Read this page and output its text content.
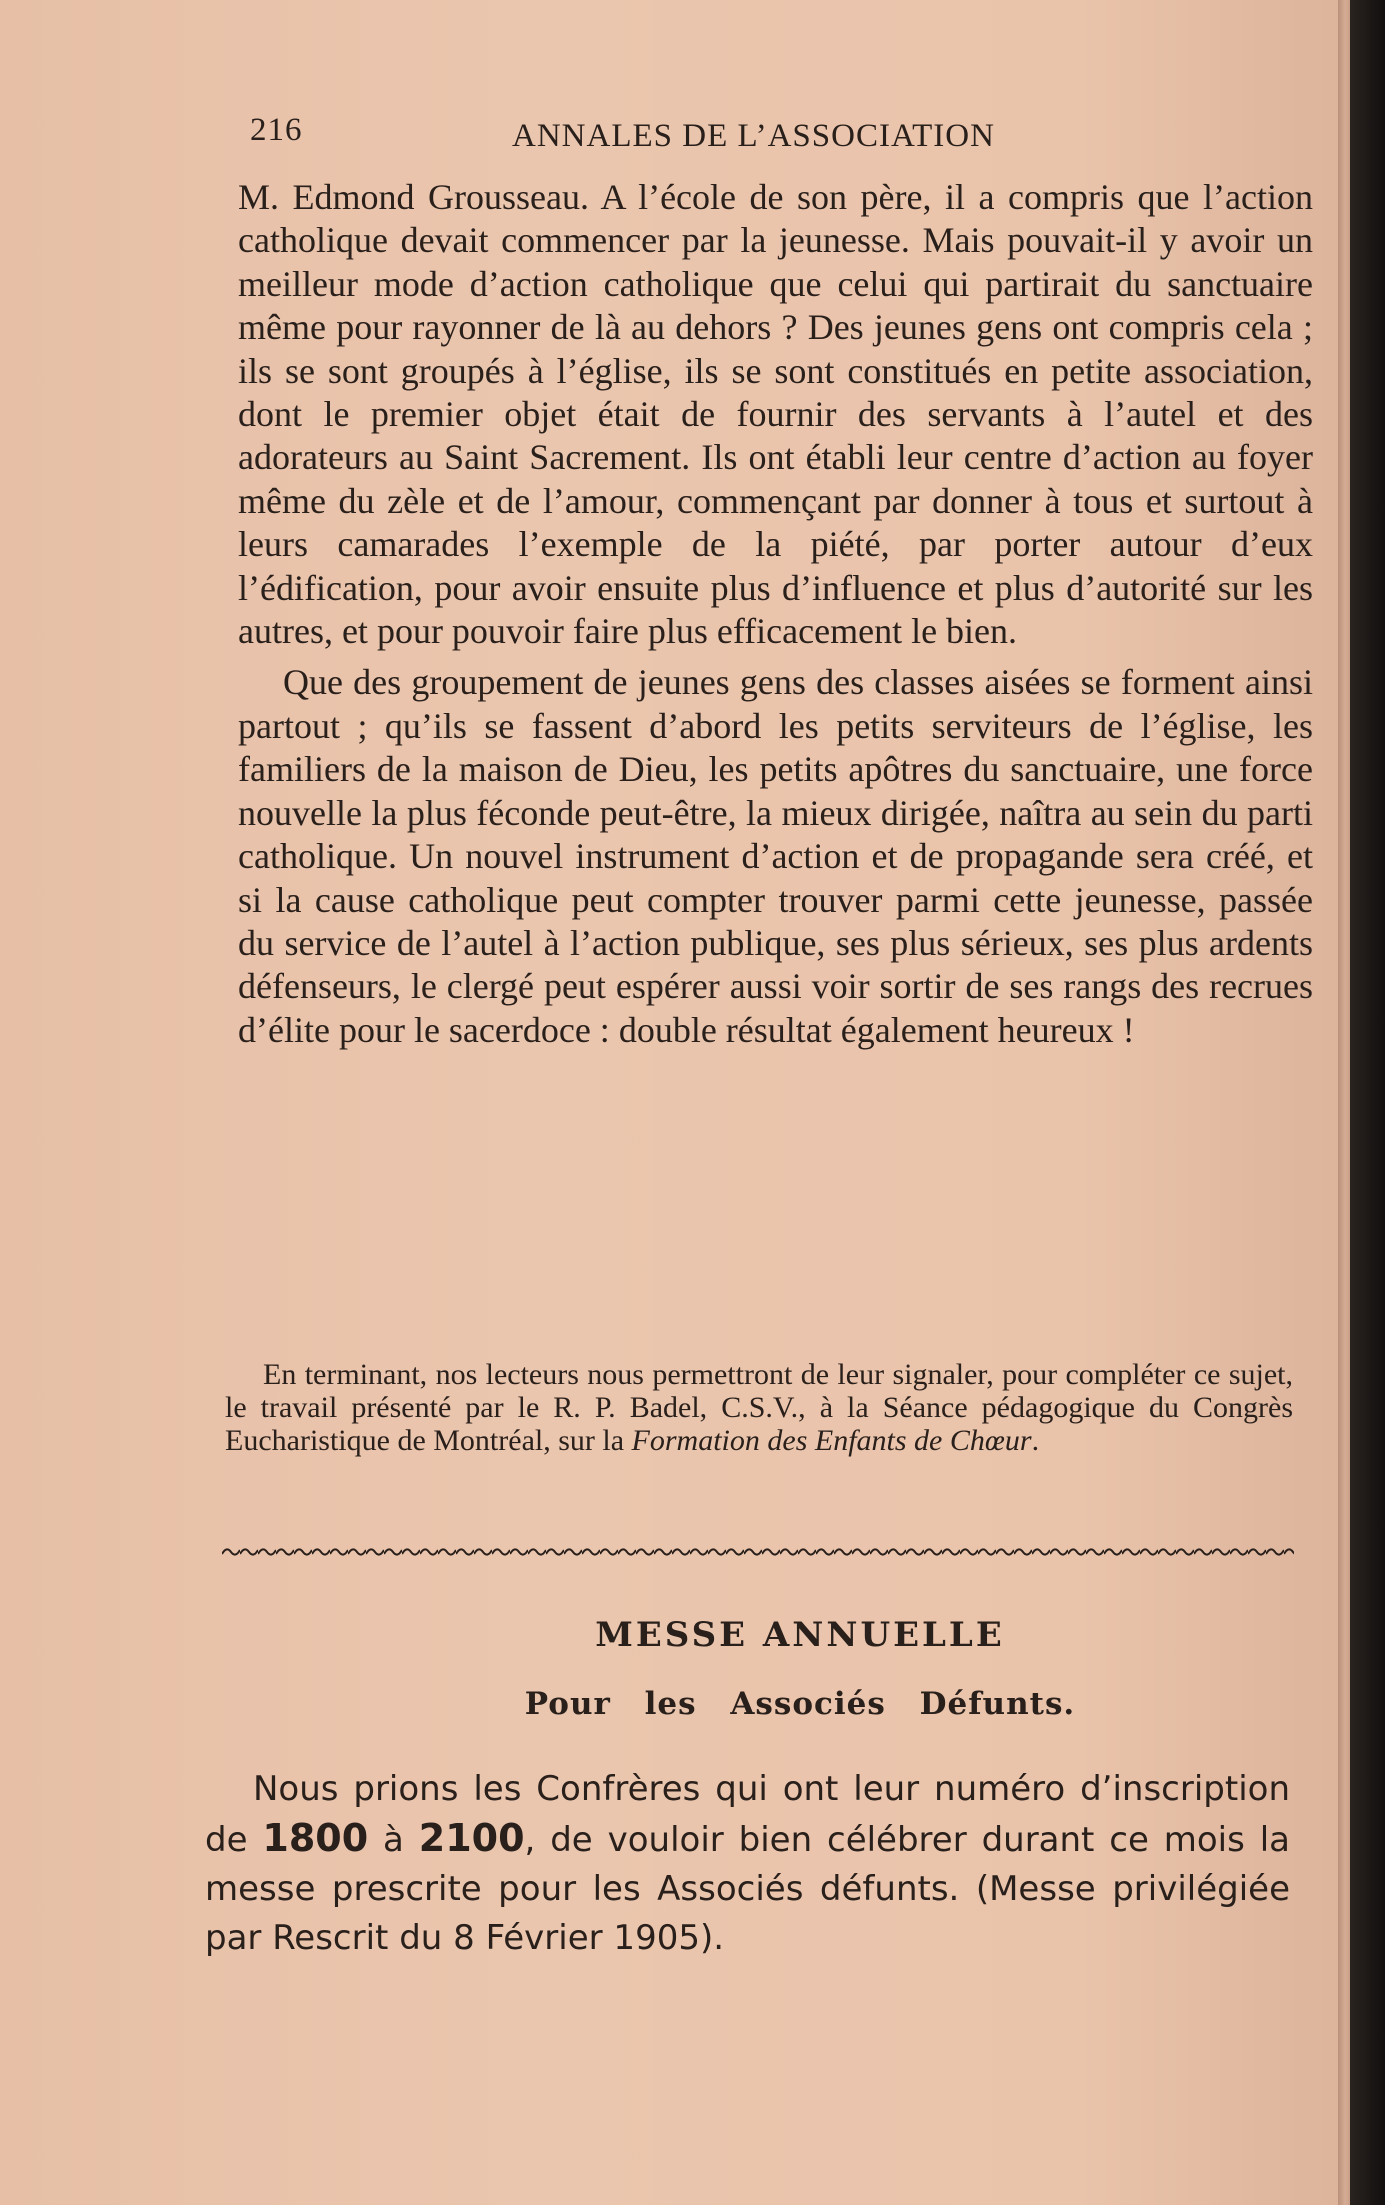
216	ANNALES DE L’ASSOCIATION

M. Edmond Grousseau. A l’école de son père, il a compris que l’action catholique devait commencer par la jeunesse. Mais pouvait-il y avoir un meilleur mode d’action catholique que celui qui partirait du sanctuaire même pour rayonner de là au dehors ? Des jeunes gens ont compris cela ; ils se sont groupés à l’église, ils se sont constitués en petite association, dont le premier objet était de fournir des servants à l’autel et des adorateurs au Saint Sacrement. Ils ont établi leur centre d’action au foyer même du zèle et de l’amour, commençant par donner à tous et surtout à leurs camarades l’exemple de la piété, par porter autour d’eux l’édification, pour avoir ensuite plus d’influence et plus d’autorité sur les autres, et pour pouvoir faire plus efficacement le bien.

Que des groupement de jeunes gens des classes aisées se forment ainsi partout ; qu’ils se fassent d’abord les petits serviteurs de l’église, les familiers de la maison de Dieu, les petits apôtres du sanctuaire, une force nouvelle la plus féconde peut-être, la mieux dirigée, naîtra au sein du parti catholique. Un nouvel instrument d’action et de propagande sera créé, et si la cause catholique peut compter trouver parmi cette jeunesse, passée du service de l’autel à l’action publique, ses plus sérieux, ses plus ardents défenseurs, le clergé peut espérer aussi voir sortir de ses rangs des recrues d’élite pour le sacerdoce : double résultat également heureux !

En terminant, nos lecteurs nous permettront de leur signaler, pour compléter ce sujet, le travail présenté par le R. P. Badel, C.S.V., à la Séance pédagogique du Congrès Eucharistique de Montréal, sur la Formation des Enfants de Chœur.
MESSE ANNUELLE
Pour les Associés Défunts.
Nous prions les Confrères qui ont leur numéro d’inscription de 1800 à 2100, de vouloir bien célébrer durant ce mois la messe prescrite pour les Associés défunts. (Messe privilégiée par Rescrit du 8 Février 1905).
